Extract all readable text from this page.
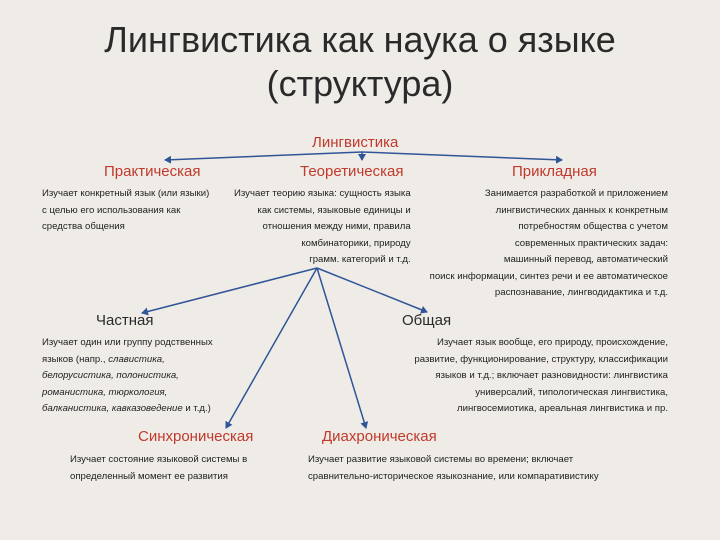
Лингвистика как наука о языке
(структура)
Лингвистика
Практическая	Теоретическая	Прикладная
Изучает конкретный язык (или языки)
с целью его использования как
средства общения
Изучает теорию языка: сущность языка
как системы, языковые единицы и
отношения между ними, правила
комбинаторики, природу
грамм. категорий и т.д.
Занимается разработкой и приложением
лингвистических данных к конкретным
потребностям общества с учетом
современных практических задач:
машинный перевод, автоматический
поиск информации, синтез речи и ее автоматическое
распознавание, лингводидактика и т.д.
Частная	Общая
Изучает один или группу родственных
языков (напр., славистика,
белорусистика, полонистика,
романистика, тюркология,
балканистика, кавказоведение и т.д.)
Изучает язык вообще, его природу, происхождение,
развитие, функционирование, структуру, классификации
языков и т.д.; включает разновидности: лингвистика
универсалий, типологическая лингвистика,
лингвосемиотика, ареальная лингвистика и пр.
Синхроническая	Диахроническая
Изучает состояние языковой системы в
определенный момент ее развития
Изучает развитие языковой системы во времени; включает
сравнительно-историческое языкознание, или компаративистику
